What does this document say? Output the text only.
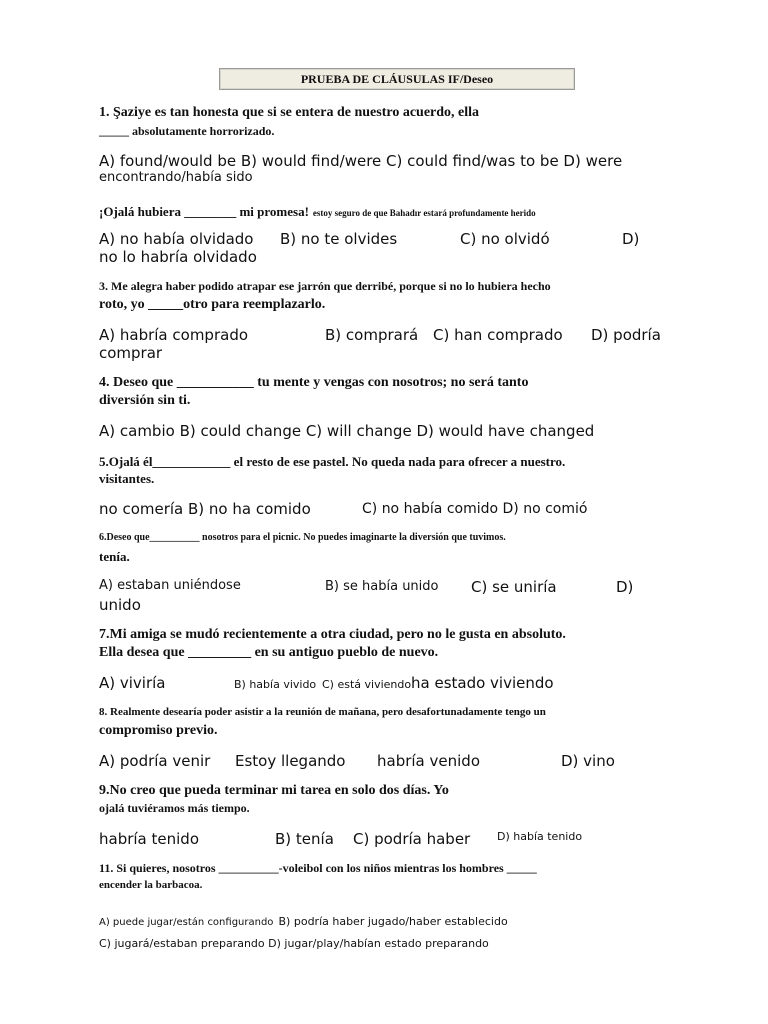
PRUEBA DE CLÁUSULAS IF/Deseo
1. Şaziye es tan honesta que si se entera de nuestro acuerdo, ella
_____ absolutamente horrorizado.
A) found/would be B) would find/were C) could find/was to be D) were
encontrando/había sido
¡Ojalá hubiera ________ mi promesa! estoy seguro de que Bahadır estará profundamente herido
A) no había olvidado B) no te olvides	C) no olvidó	D)
no lo habría olvidado
3. Me alegra haber podido atrapar ese jarrón que derribé, porque si no lo hubiera hecho
roto, yo _____otro para reemplazarlo.
A) habría comprado	B) comprará C) han comprado D) podría
comprar
4. Deseo que ___________ tu mente y vengas con nosotros; no será tanto
diversión sin ti.
A) cambio B) could change C) will change D) would have changed
5.Ojalá él____________ el resto de ese pastel. No queda nada para ofrecer a nuestro.
visitantes.
no comería B) no ha comido	C) no había comido D) no comió
6.Deseo que__________ nosotros para el picnic. No puedes imaginarte la diversión que tuvimos.
tenía.
A) estaban uniéndose	B) se había unido C) se uniría	D)
unido
7.Mi amiga se mudó recientemente a otra ciudad, pero no le gusta en absoluto.
Ella desea que _________ en su antiguo pueblo de nuevo.
A) viviría	B) había vivido C) está viviendo ha estado viviendo
8. Realmente desearía poder asistir a la reunión de mañana, pero desafortunadamente tengo un
compromiso previo.
A) podría venir Estoy llegando habría venido	D) vino
9.No creo que pueda terminar mi tarea en solo dos días. Yo
ojalá tuviéramos más tiempo.
habría tenido	B) tenía C) podría haber D) había tenido
11. Si quieres, nosotros __________-voleibol con los niños mientras los hombres _____
encender la barbacoa.
A) puede jugar/están configurando B) podría haber jugado/haber establecido
C) jugará/estaban preparando D) jugar/play/habían estado preparando
